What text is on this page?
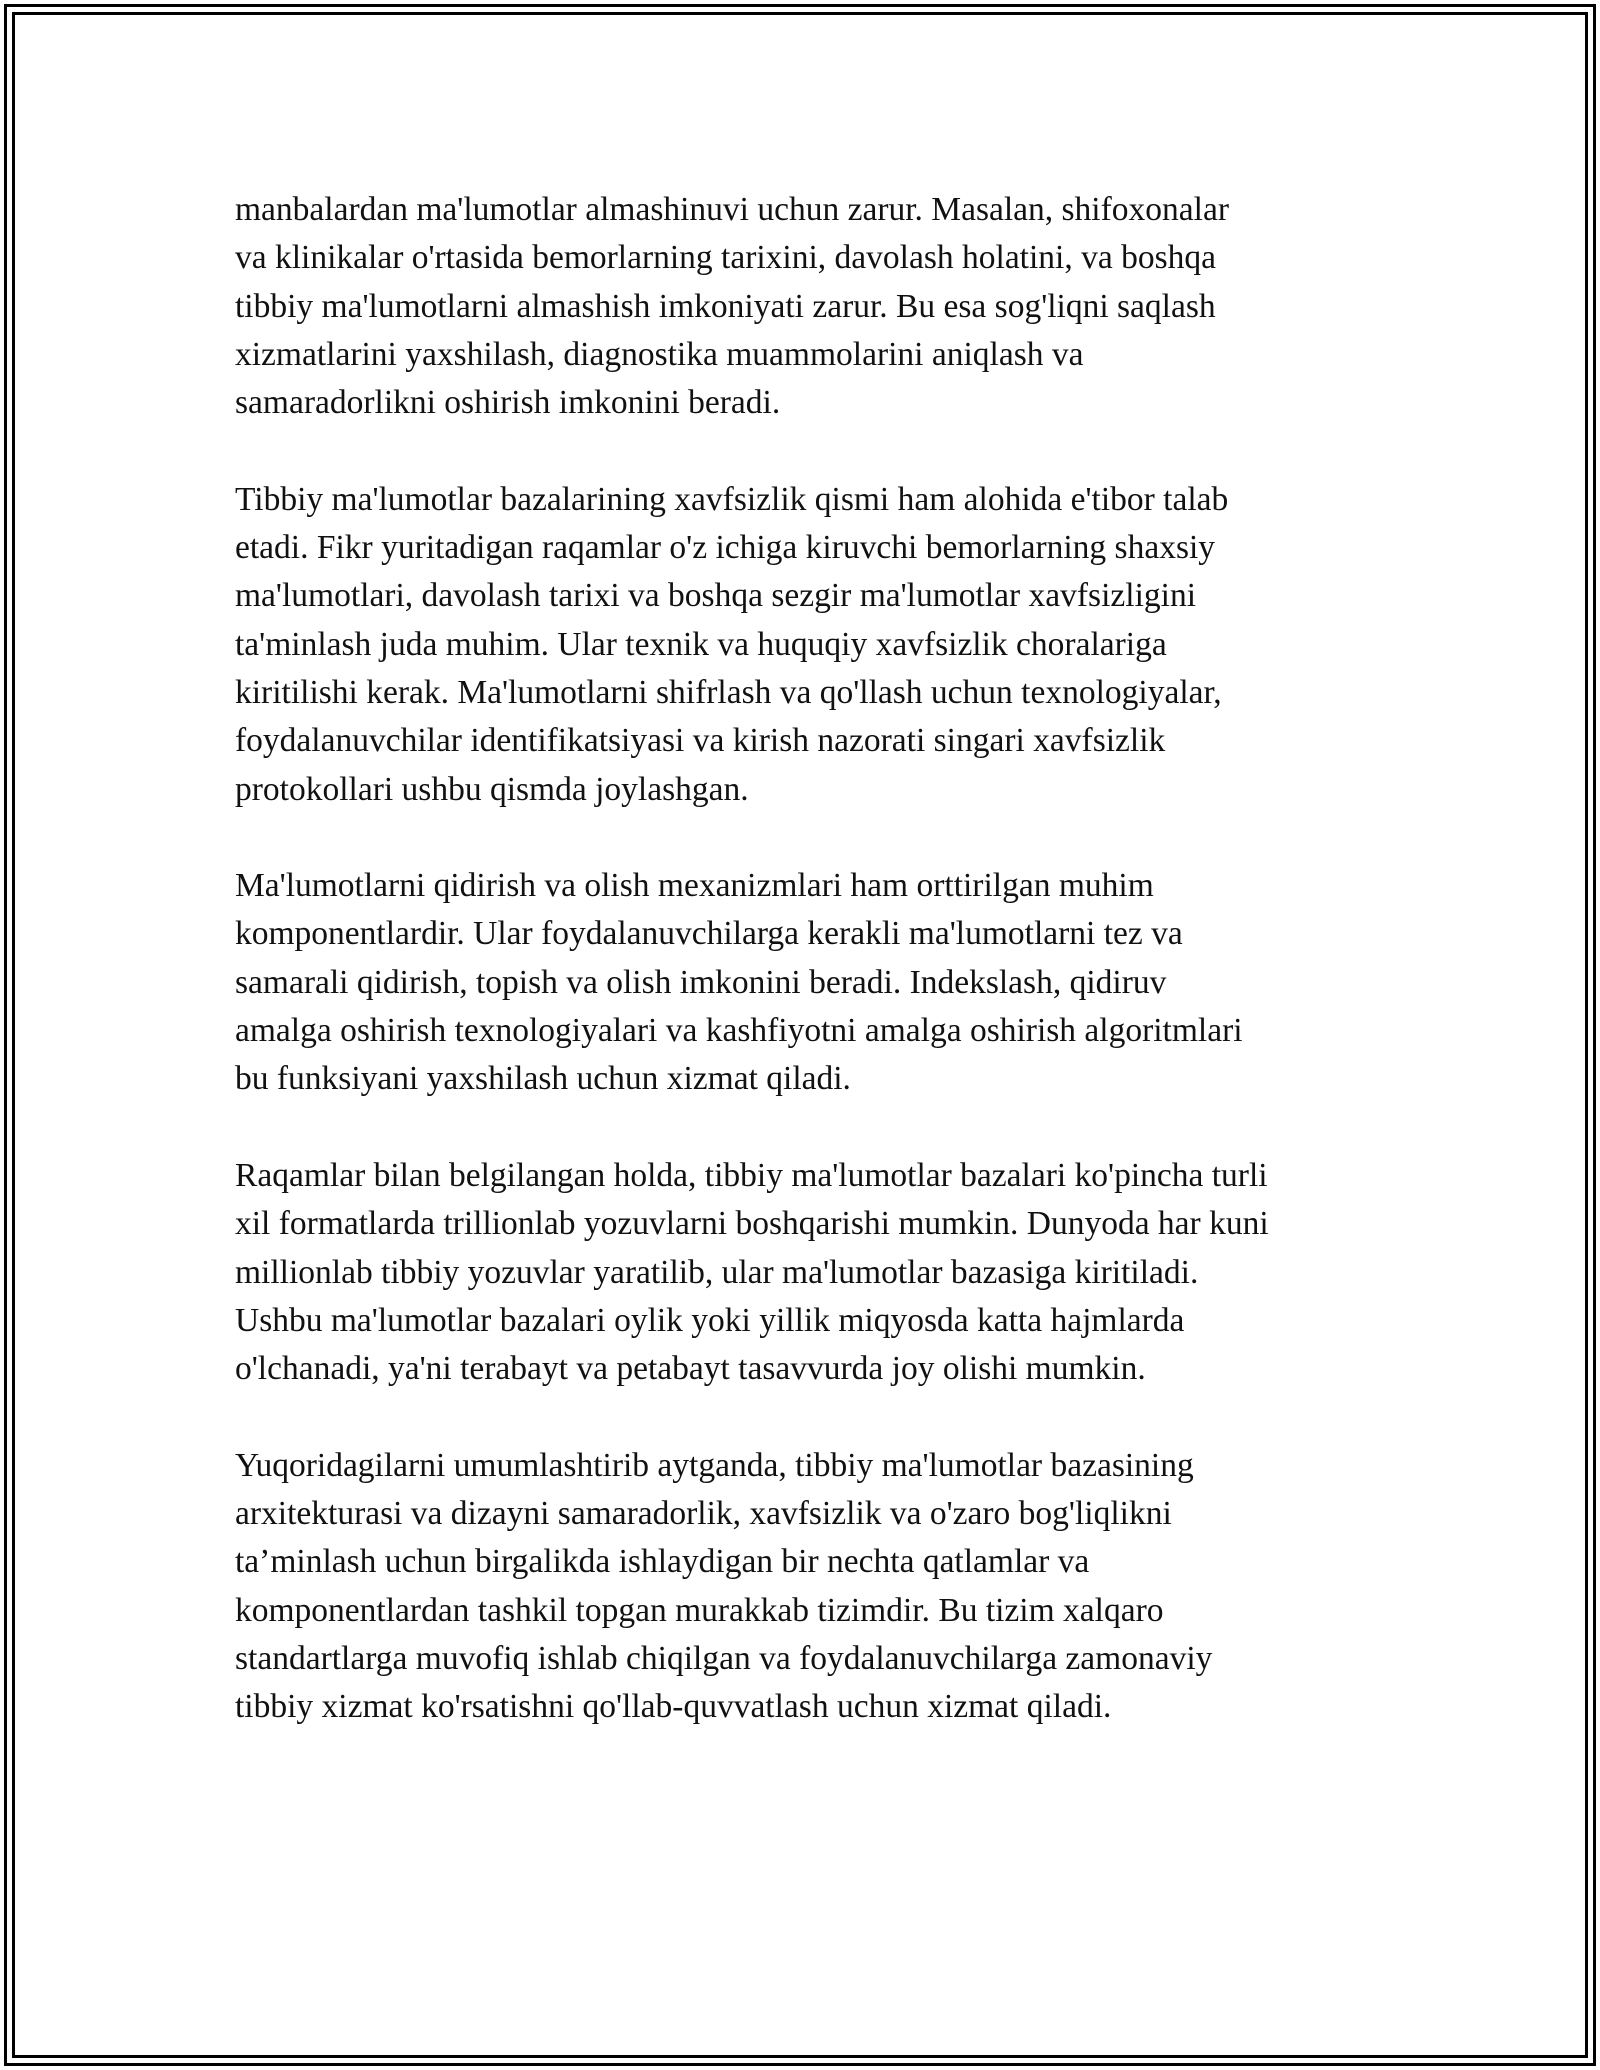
manbalardan ma'lumotlar almashinuvi uchun zarur. Masalan, shifoxonalar
va klinikalar o'rtasida bemorlarning tarixini, davolash holatini, va boshqa
tibbiy ma'lumotlarni almashish imkoniyati zarur. Bu esa sog'liqni saqlash
xizmatlarini yaxshilash, diagnostika muammolarini aniqlash va
samaradorlikni oshirish imkonini beradi.

Tibbiy ma'lumotlar bazalarining xavfsizlik qismi ham alohida e'tibor talab
etadi. Fikr yuritadigan raqamlar o'z ichiga kiruvchi bemorlarning shaxsiy
ma'lumotlari, davolash tarixi va boshqa sezgir ma'lumotlar xavfsizligini
ta'minlash juda muhim. Ular texnik va huquqiy xavfsizlik choralariga
kiritilishi kerak. Ma'lumotlarni shifrlash va qo'llash uchun texnologiyalar,
foydalanuvchilar identifikatsiyasi va kirish nazorati singari xavfsizlik
protokollari ushbu qismda joylashgan.

Ma'lumotlarni qidirish va olish mexanizmlari ham orttirilgan muhim
komponentlardir. Ular foydalanuvchilarga kerakli ma'lumotlarni tez va
samarali qidirish, topish va olish imkonini beradi. Indekslash, qidiruv
amalga oshirish texnologiyalari va kashfiyotni amalga oshirish algoritmlari
bu funksiyani yaxshilash uchun xizmat qiladi.

Raqamlar bilan belgilangan holda, tibbiy ma'lumotlar bazalari ko'pincha turli
xil formatlarda trillionlab yozuvlarni boshqarishi mumkin. Dunyoda har kuni
millionlab tibbiy yozuvlar yaratilib, ular ma'lumotlar bazasiga kiritiladi.
Ushbu ma'lumotlar bazalari oylik yoki yillik miqyosda katta hajmlarda
o'lchanadi, ya'ni terabayt va petabayt tasavvurda joy olishi mumkin.

Yuqoridagilarni umumlashtirib aytganda, tibbiy ma'lumotlar bazasining
arxitekturasi va dizayni samaradorlik, xavfsizlik va o'zaro bog'liqlikni
ta’minlash uchun birgalikda ishlaydigan bir nechta qatlamlar va
komponentlardan tashkil topgan murakkab tizimdir. Bu tizim xalqaro
standartlarga muvofiq ishlab chiqilgan va foydalanuvchilarga zamonaviy
tibbiy xizmat ko'rsatishni qo'llab-quvvatlash uchun xizmat qiladi.
